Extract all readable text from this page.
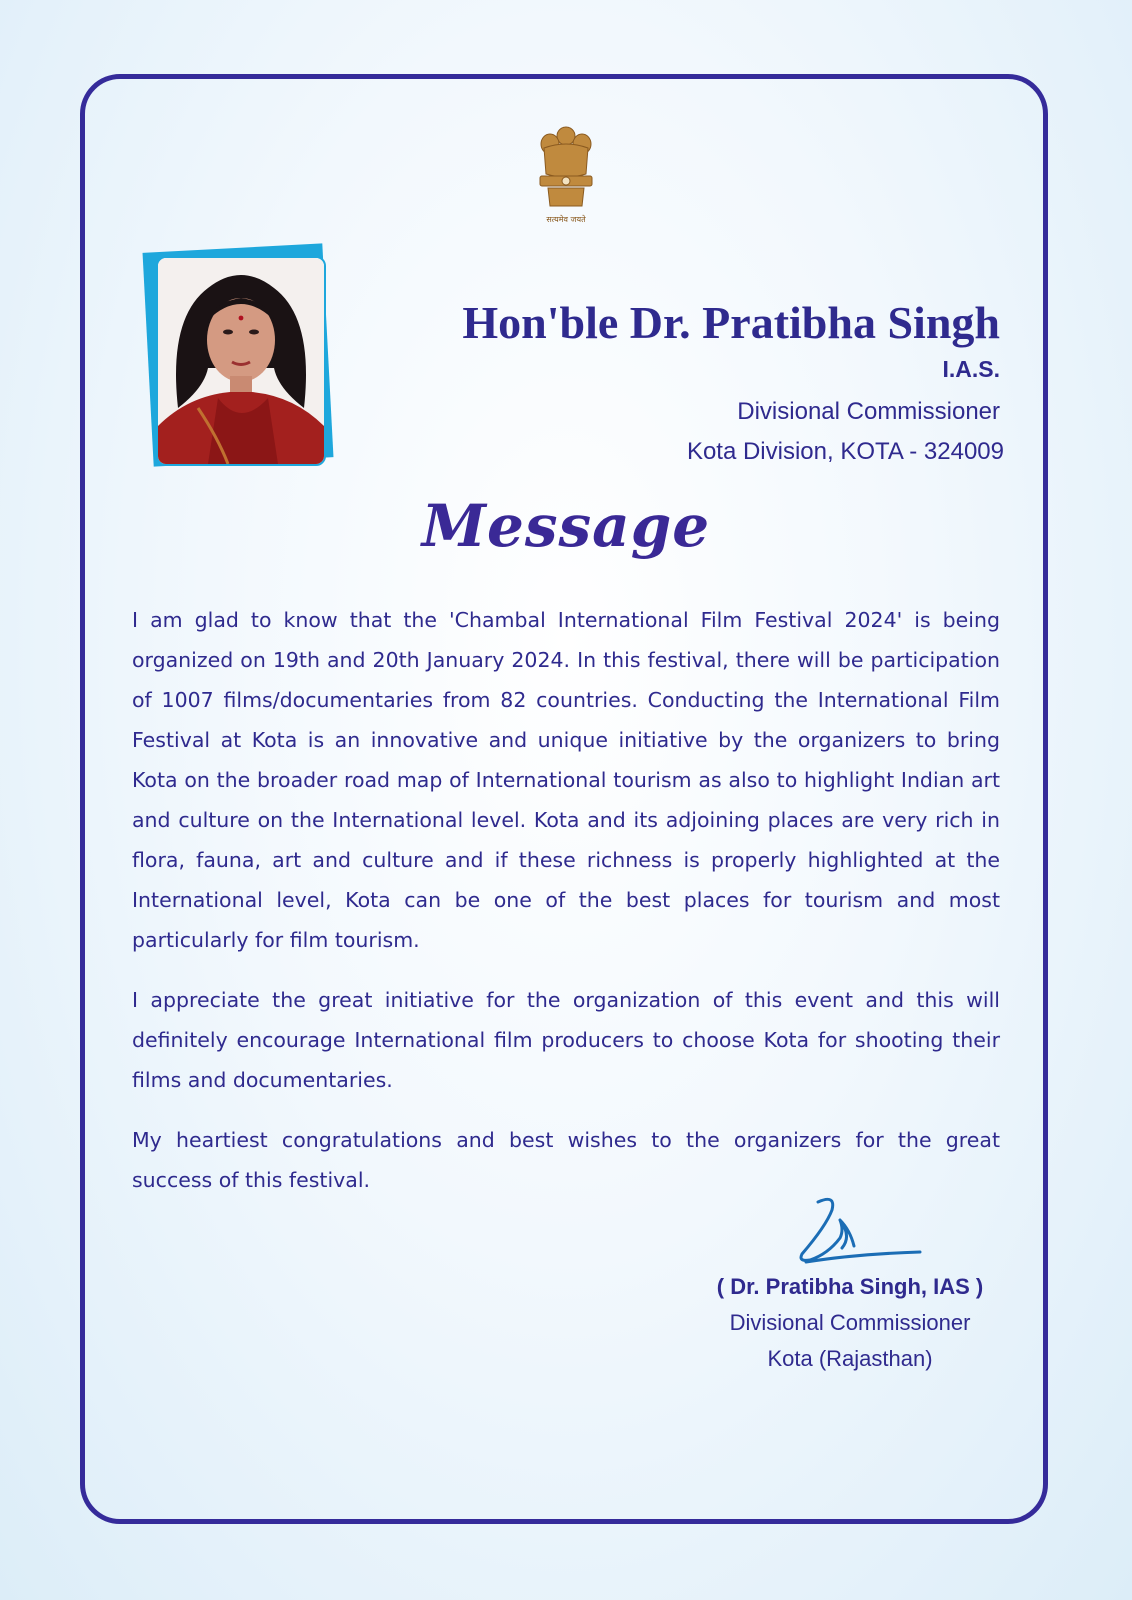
सत्यमेव जयते
Hon'ble Dr. Pratibha Singh
I.A.S.
Divisional Commissioner
Kota Division, KOTA - 324009
Message

I am glad to know that the 'Chambal International Film Festival 2024' is being organized on 19th and 20th January 2024. In this festival, there will be participation of 1007 films/documentaries from 82 countries. Conducting the International Film Festival at Kota is an innovative and unique initiative by the organizers to bring Kota on the broader road map of International tourism as also to highlight Indian art and culture on the International level. Kota and its adjoining places are very rich in flora, fauna, art and culture and if these richness is properly highlighted at the International level, Kota can be one of the best places for tourism and most particularly for film tourism.

I appreciate the great initiative for the organization of this event and this will definitely encourage International film producers to choose Kota for shooting their films and documentaries.

My heartiest congratulations and best wishes to the organizers for the great success of this festival.

( Dr. Pratibha Singh, IAS )
Divisional Commissioner
Kota (Rajasthan)
